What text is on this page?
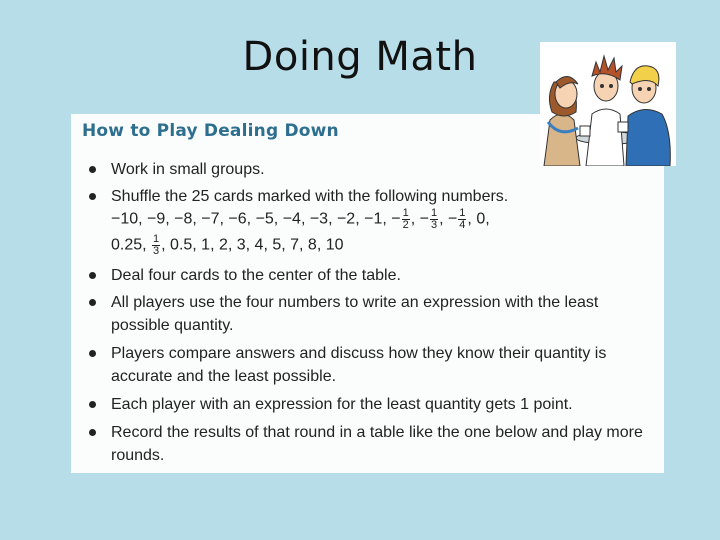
Doing Math
How to Play Dealing Down
Work in small groups.
Shuffle the 25 cards marked with the following numbers.
−10, −9, −8, −7, −6, −5, −4, −3, −2, −1, − $\frac{1}{2}$ , − $\frac{1}{3}$ , − $\frac{1}{4}$ , 0,
0.25, $\frac{1}{3}$ , 0.5, 1, 2, 3, 4, 5, 7, 8, 10
Deal four cards to the center of the table.
All players use the four numbers to write an expression with the least possible quantity.
Players compare answers and discuss how they know their quantity is accurate and the least possible.
Each player with an expression for the least quantity gets 1 point.
Record the results of that round in a table like the one below and play more rounds.
